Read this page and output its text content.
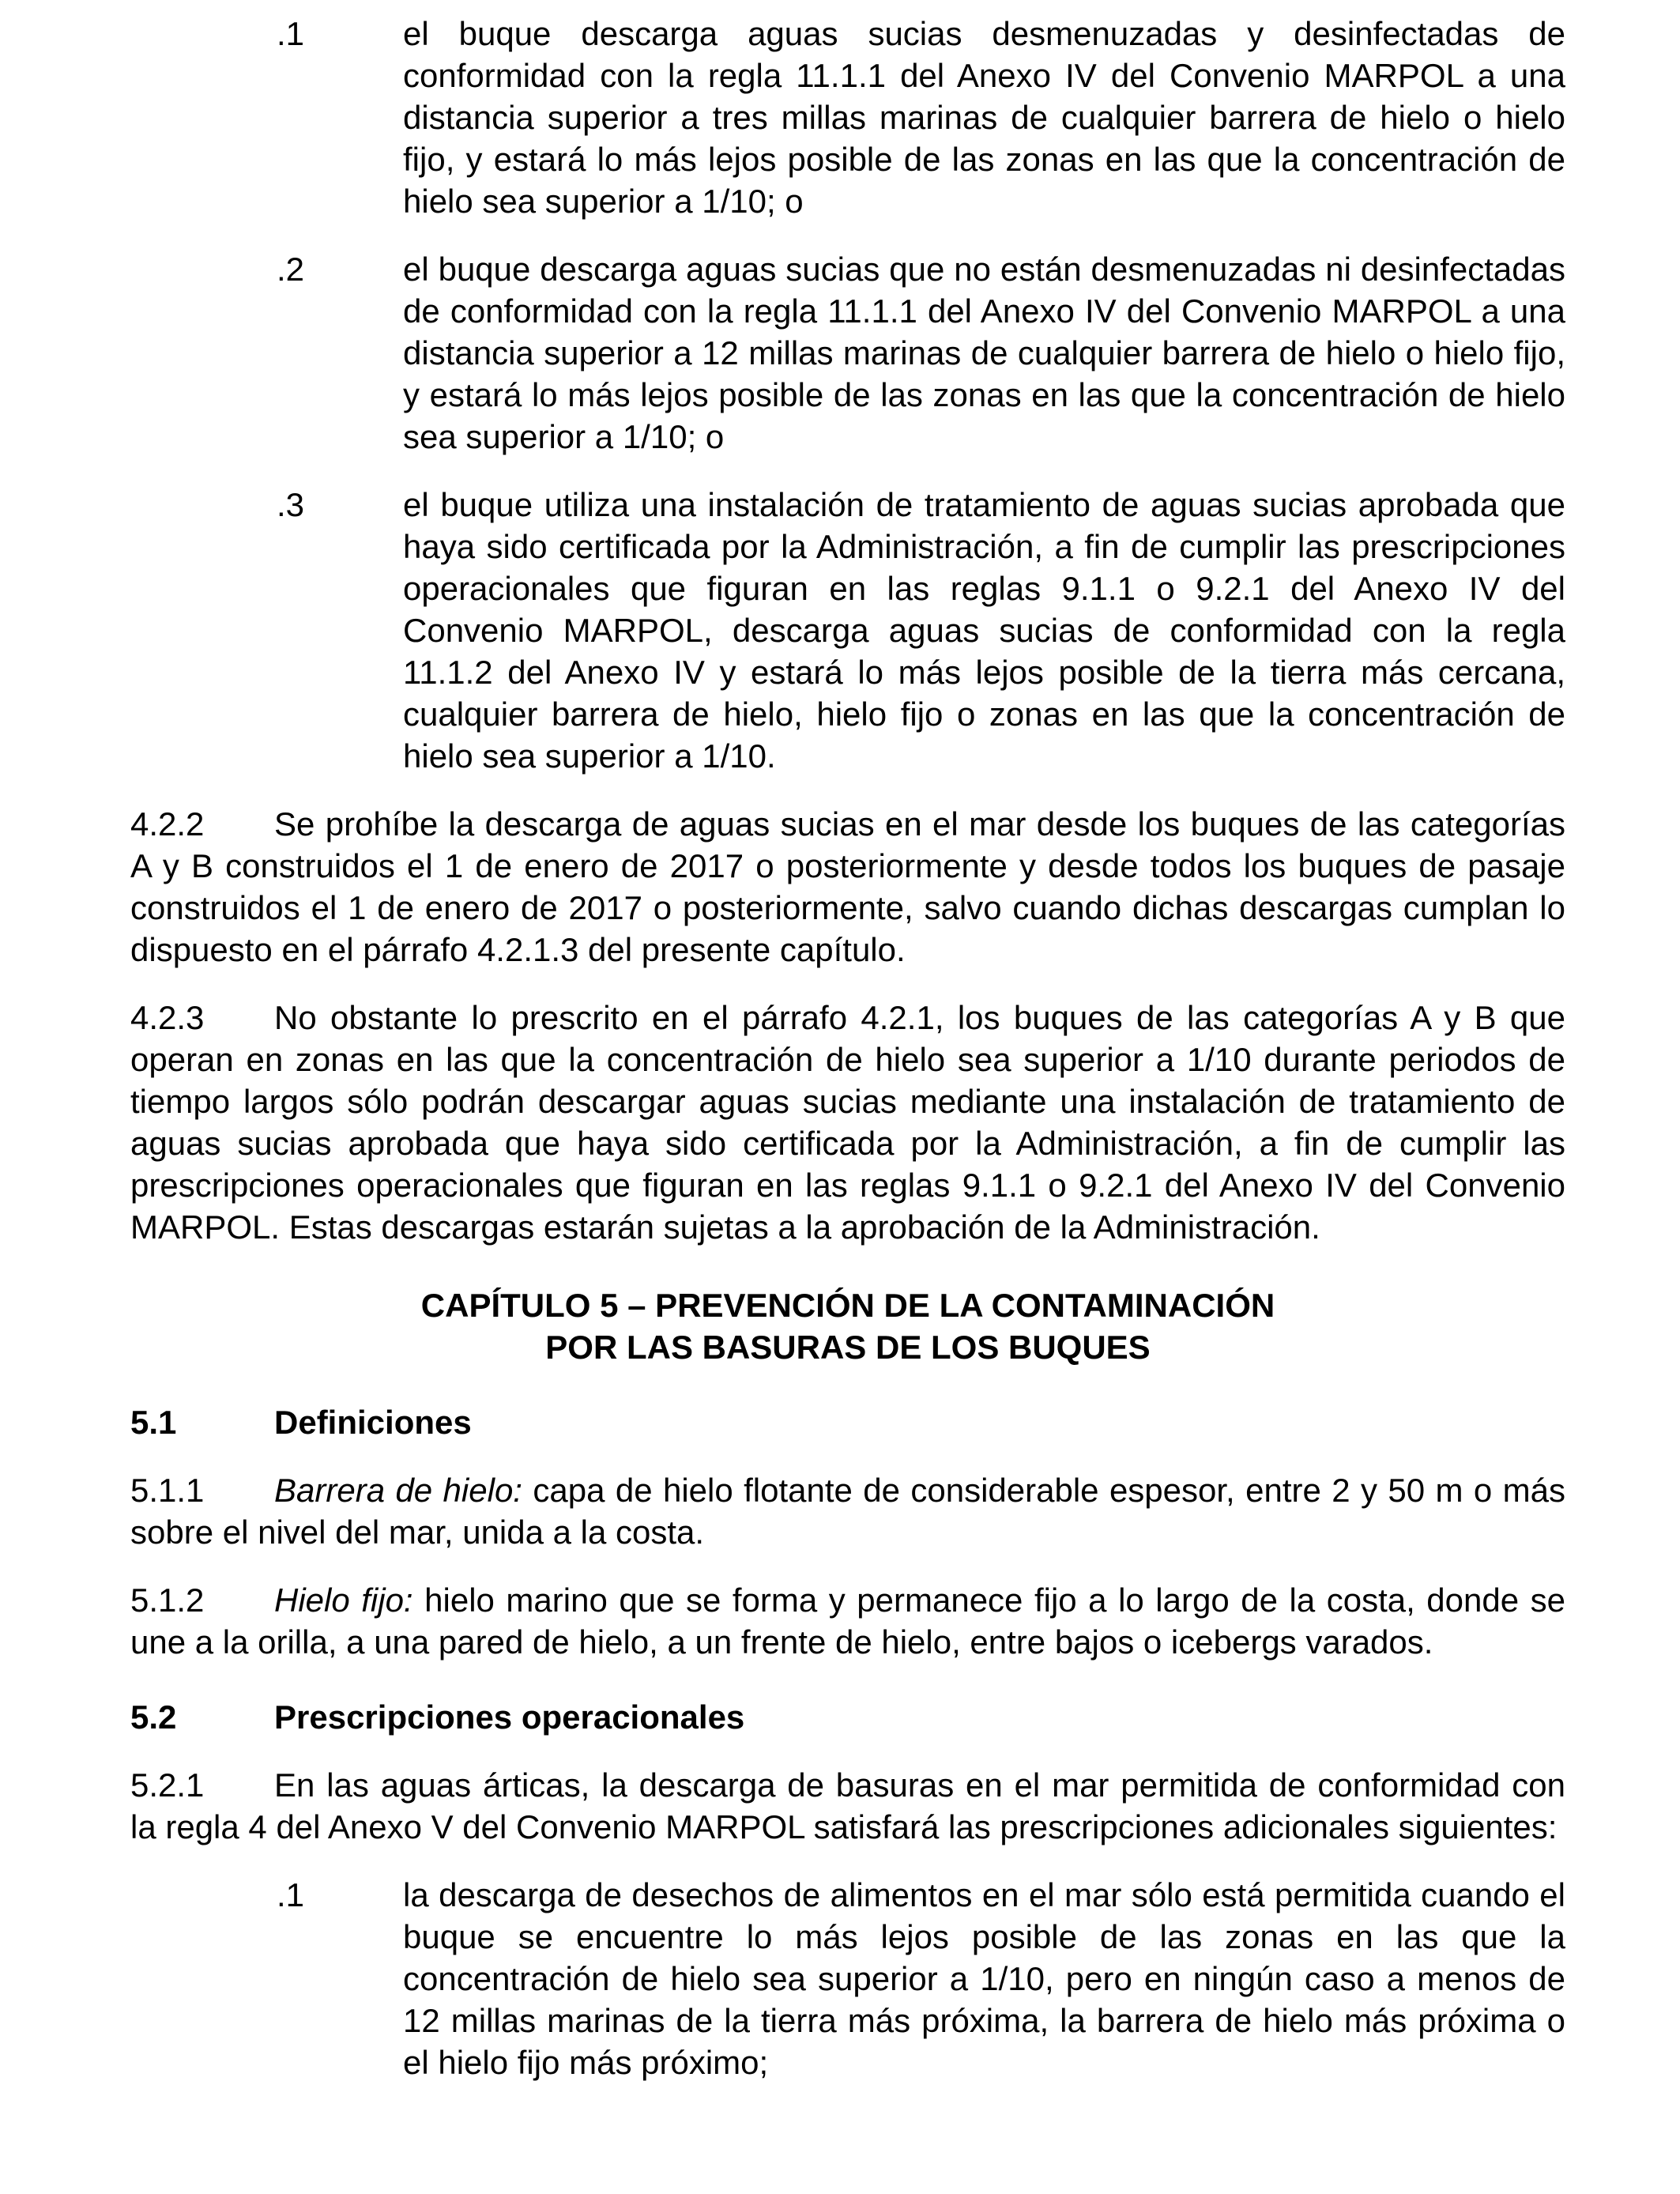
.1	el buque descarga aguas sucias desmenuzadas y desinfectadas de conformidad con la regla 11.1.1 del Anexo IV del Convenio MARPOL a una distancia superior a tres millas marinas de cualquier barrera de hielo o hielo fijo, y estará lo más lejos posible de las zonas en las que la concentración de hielo sea superior a 1/10; o
.2	el buque descarga aguas sucias que no están desmenuzadas ni desinfectadas de conformidad con la regla 11.1.1 del Anexo IV del Convenio MARPOL a una distancia superior a 12 millas marinas de cualquier barrera de hielo o hielo fijo, y estará lo más lejos posible de las zonas en las que la concentración de hielo sea superior a 1/10; o
.3	el buque utiliza una instalación de tratamiento de aguas sucias aprobada que haya sido certificada por la Administración, a fin de cumplir las prescripciones operacionales que figuran en las reglas 9.1.1 o 9.2.1 del Anexo IV del Convenio MARPOL, descarga aguas sucias de conformidad con la regla 11.1.2 del Anexo IV y estará lo más lejos posible de la tierra más cercana, cualquier barrera de hielo, hielo fijo o zonas en las que la concentración de hielo sea superior a 1/10.
4.2.2 Se prohíbe la descarga de aguas sucias en el mar desde los buques de las categorías A y B construidos el 1 de enero de 2017 o posteriormente y desde todos los buques de pasaje construidos el 1 de enero de 2017 o posteriormente, salvo cuando dichas descargas cumplan lo dispuesto en el párrafo 4.2.1.3 del presente capítulo.
4.2.3 No obstante lo prescrito en el párrafo 4.2.1, los buques de las categorías A y B que operan en zonas en las que la concentración de hielo sea superior a 1/10 durante periodos de tiempo largos sólo podrán descargar aguas sucias mediante una instalación de tratamiento de aguas sucias aprobada que haya sido certificada por la Administración, a fin de cumplir las prescripciones operacionales que figuran en las reglas 9.1.1 o 9.2.1 del Anexo IV del Convenio MARPOL. Estas descargas estarán sujetas a la aprobación de la Administración.
CAPÍTULO 5 – PREVENCIÓN DE LA CONTAMINACIÓN
POR LAS BASURAS DE LOS BUQUES
5.1	Definiciones
5.1.1 Barrera de hielo: capa de hielo flotante de considerable espesor, entre 2 y 50 m o más sobre el nivel del mar, unida a la costa.
5.1.2 Hielo fijo: hielo marino que se forma y permanece fijo a lo largo de la costa, donde se une a la orilla, a una pared de hielo, a un frente de hielo, entre bajos o icebergs varados.
5.2	Prescripciones operacionales
5.2.1 En las aguas árticas, la descarga de basuras en el mar permitida de conformidad con la regla 4 del Anexo V del Convenio MARPOL satisfará las prescripciones adicionales siguientes:
.1	la descarga de desechos de alimentos en el mar sólo está permitida cuando el buque se encuentre lo más lejos posible de las zonas en las que la concentración de hielo sea superior a 1/10, pero en ningún caso a menos de 12 millas marinas de la tierra más próxima, la barrera de hielo más próxima o el hielo fijo más próximo;
